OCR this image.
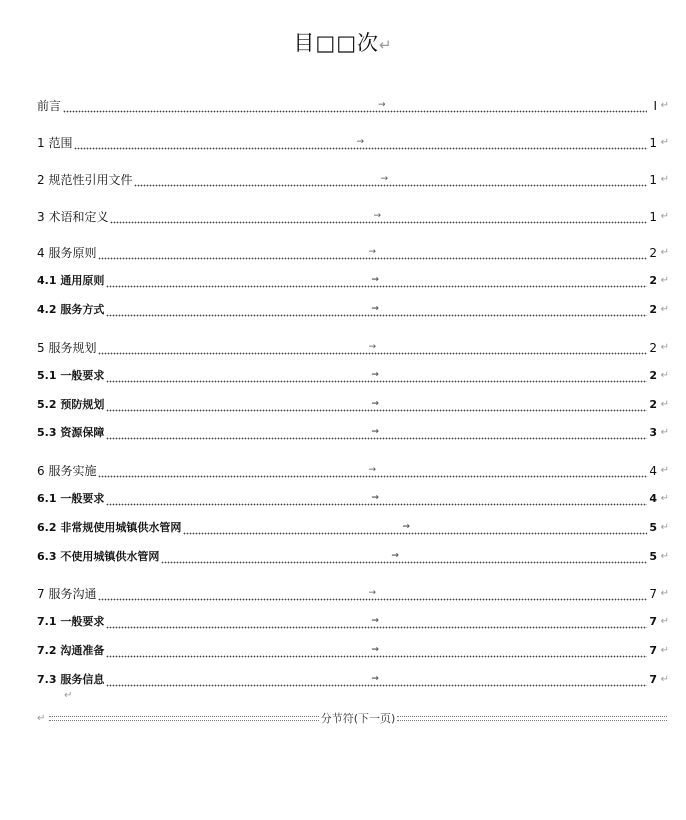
目□□次↵
前言	→	Ⅰ ↵
1 范围	→	1 ↵
2 规范性引用文件	→	1 ↵
3 术语和定义	→	1 ↵
4 服务原则	→	2 ↵
4.1 通用原则	→	2 ↵
4.2 服务方式	→	2 ↵
5 服务规划	→	2 ↵
5.1 一般要求	→	2 ↵
5.2 预防规划	→	2 ↵
5.3 资源保障	→	3 ↵
6 服务实施	→	4 ↵
6.1 一般要求	→	4 ↵
6.2 非常规使用城镇供水管网	→	5 ↵
6.3 不使用城镇供水管网	→	5 ↵
7 服务沟通	→	7 ↵
7.1 一般要求	→	7 ↵
7.2 沟通准备	→	7 ↵
7.3 服务信息	→	7 ↵
↵
↵	分节符(下一页)
